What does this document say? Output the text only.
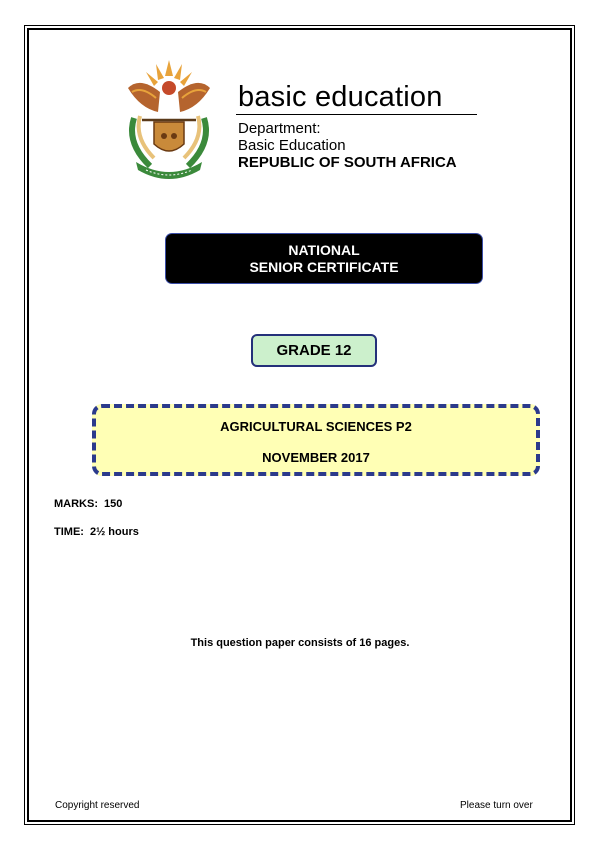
basic education
Department:
Basic Education
REPUBLIC OF SOUTH AFRICA
NATIONAL
SENIOR CERTIFICATE
GRADE 12
AGRICULTURAL SCIENCES P2
NOVEMBER 2017
MARKS: 150
TIME: 2½ hours
This question paper consists of 16 pages.
Copyright reserved	Please turn over
